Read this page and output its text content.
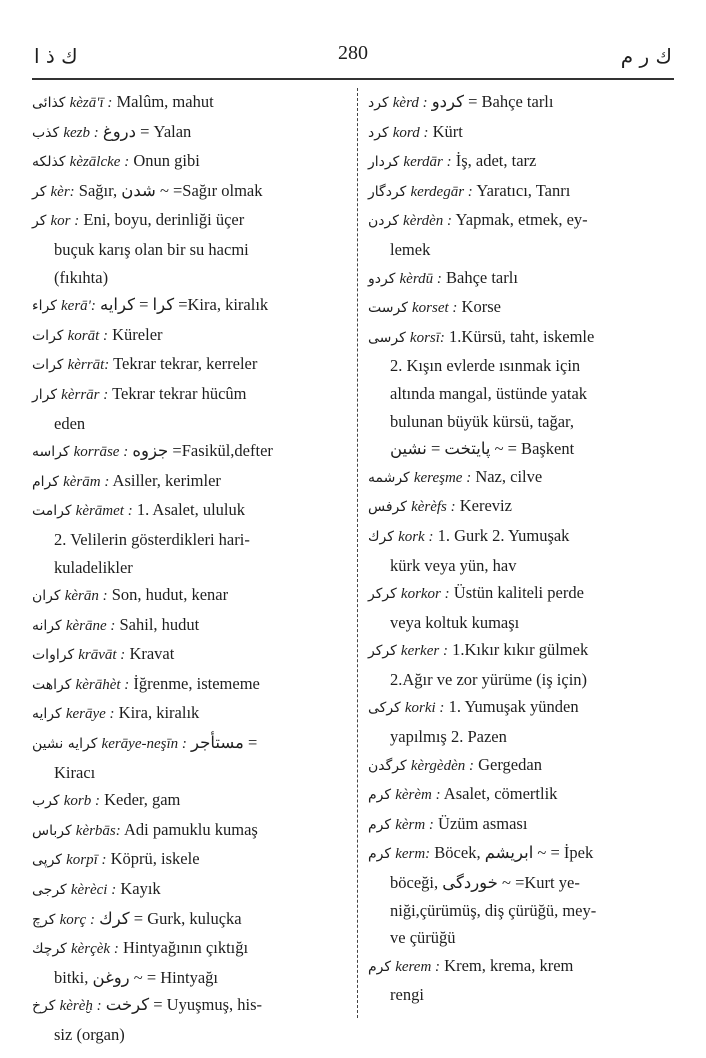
ك ذ ا	280	ك ر م
كذائى kèzā'ī : Malûm, mahut
كذب kezb : دروغ = Yalan
كذلكه kèzālcke : Onun gibi
كر kèr: Sağır, شدن ~ =Sağır olmak
كر kor : Eni, boyu, derinliği üçer
buçuk karış olan bir su hacmi
(fıkıhta)
كراء kerā': كرا = كرايه =Kira, kiralık
كرات korāt : Küreler
كرات kèrrāt: Tekrar tekrar, kerreler
كرار kèrrār : Tekrar tekrar hücûm
eden
كراسه korrāse : جزوه =Fasikül,defter
كرام kèrām : Asiller, kerimler
كرامت kèrāmet : 1. Asalet, ululuk
2. Velilerin gösterdikleri hari-
kuladelikler
كران kèrān : Son, hudut, kenar
كرانه kèrāne : Sahil, hudut
كراوات krāvāt : Kravat
كراهت kèrāhèt : İğrenme, istememe
كرايه kerāye : Kira, kiralık
كرايه نشين kerāye-neşīn : مستأجر =
Kiracı
كرب korb : Keder, gam
كرباس kèrbās: Adi pamuklu kumaş
كرپى korpī : Köprü, iskele
كرجى kèrèci : Kayık
كرچ korç : كرك = Gurk, kuluçka
كرچك kèrçèk : Hintyağının çıktığı
bitki, روغن ~ = Hintyağı
كرخ kèrèḫ : كرخت = Uyuşmuş, his-
siz (organ)
كرد kèrd : كردو = Bahçe tarlı
كرد kord : Kürt
كردار kerdār : İş, adet, tarz
كردگار kerdegār : Yaratıcı, Tanrı
كردن kèrdèn : Yapmak, etmek, ey-
lemek
كردو kèrdū : Bahçe tarlı
كرست korset : Korse
كرسى korsī: 1.Kürsü, taht, iskemle
2. Kışın evlerde ısınmak için
altında mangal, üstünde yatak
bulunan büyük kürsü, tağar,
پايتخت = نشين ~ = Başkent
كرشمه kereşme : Naz, cilve
كرفس kèrèfs : Kereviz
كرك kork : 1. Gurk 2. Yumuşak
kürk veya yün, hav
كركر korkor : Üstün kaliteli perde
veya koltuk kumaşı
كركر kerker : 1.Kıkır kıkır gülmek
2.Ağır ve zor yürüme (iş için)
كركى korki : 1. Yumuşak yünden
yapılmış 2. Pazen
كرگدن kèrgèdèn : Gergedan
كرم kèrèm : Asalet, cömertlik
كرم kèrm : Üzüm asması
كرم kerm: Böcek, ابريشم ~ = İpek
böceği, خوردگى ~ =Kurt ye-
niği,çürümüş, diş çürüğü, mey-
ve çürüğü
كرم kerem : Krem, krema, krem
rengi
